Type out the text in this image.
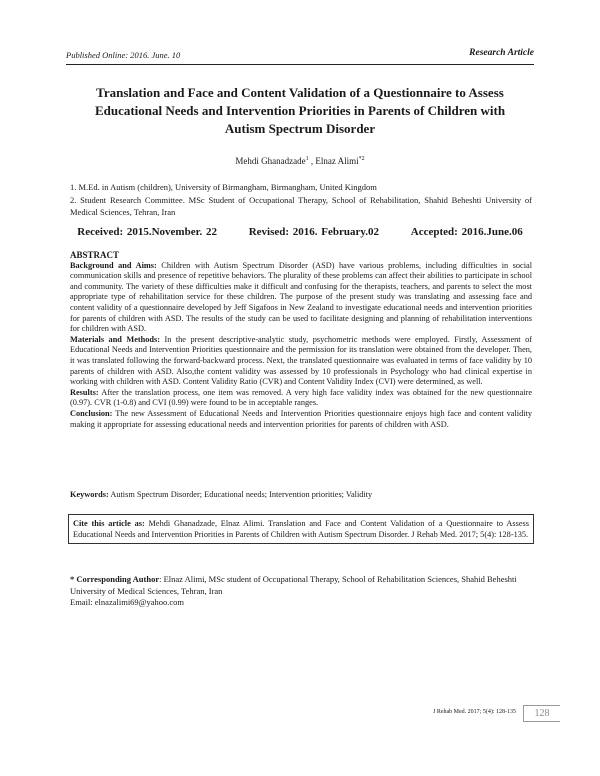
Published Online: 2016. June. 10	Research Article
Translation and Face and Content Validation of a Questionnaire to Assess Educational Needs and Intervention Priorities in Parents of Children with Autism Spectrum Disorder
Mehdi Ghanadzade$^1$ , Elnaz Alimi$^{*2}$

1. M.Ed. in Autism (children), University of Birmangham, Birmangham, United Kingdom

2. Student Research Committee. MSc Student of Occupational Therapy, School of Rehabilitation, Shahid Beheshti University of Medical Sciences, Tehran, Iran

Received: 2015.November. 22	Revised: 2016. February.02	Accepted: 2016.June.06

ABSTRACT

Background and Aims: Children with Autism Spectrum Disorder (ASD) have various problems, including difficulties in social communication skills and presence of repetitive behaviors. The plurality of these problems can affect their abilities to participate in school and community. The variety of these difficulties make it difficult and confusing for the therapists, teachers, and parents to select the most appropriate type of rehabilitation service for these children. The purpose of the present study was translating and assessing face and content validity of a questionnaire developed by Jeff Sigafoos in New Zealand to investigate educational needs and intervention priorities for parents of children with ASD. The results of the study can be used to facilitate designing and planning of rehabilitation interventions for children with ASD.

Materials and Methods: In the present descriptive-analytic study, psychometric methods were employed. Firstly, Assessment of Educational Needs and Intervention Priorities questionnaire and the permission for its translation were obtained from the developer. Then, it was translated following the forward-backward process. Next, the translated questionnaire was evaluated in terms of face validity by 10 parents of children with ASD. Also,the content validity was assessed by 10 professionals in Psychology who had clinical expertise in working with children with ASD. Content Validity Ratio (CVR) and Content Validity Index (CVI) were determined, as well.

Results: After the translation process, one item was removed. A very high face validity index was obtained for the new questionnaire (0.97). CVR (1-0.8) and CVI (0.99) were found to be in acceptable ranges.

Conclusion: The new Assessment of Educational Needs and Intervention Priorities questionnaire enjoys high face and content validity making it appropriate for assessing educational needs and intervention priorities for parents of children with ASD.

Keywords: Autism Spectrum Disorder; Educational needs; Intervention priorities; Validity
Cite this article as: Mehdi Ghanadzade, Elnaz Alimi. Translation and Face and Content Validation of a Questionnaire to Assess Educational Needs and Intervention Priorities in Parents of Children with Autism Spectrum Disorder. J Rehab Med. 2017; 5(4): 128-135.
* Corresponding Author: Elnaz Alimi, MSc student of Occupational Therapy, School of Rehabilitation Sciences, Shahid Beheshti University of Medical Sciences, Tehran, Iran
Email: elnazalimi69@yahoo.com
J Rehab Med. 2017; 5(4): 128-135	128
